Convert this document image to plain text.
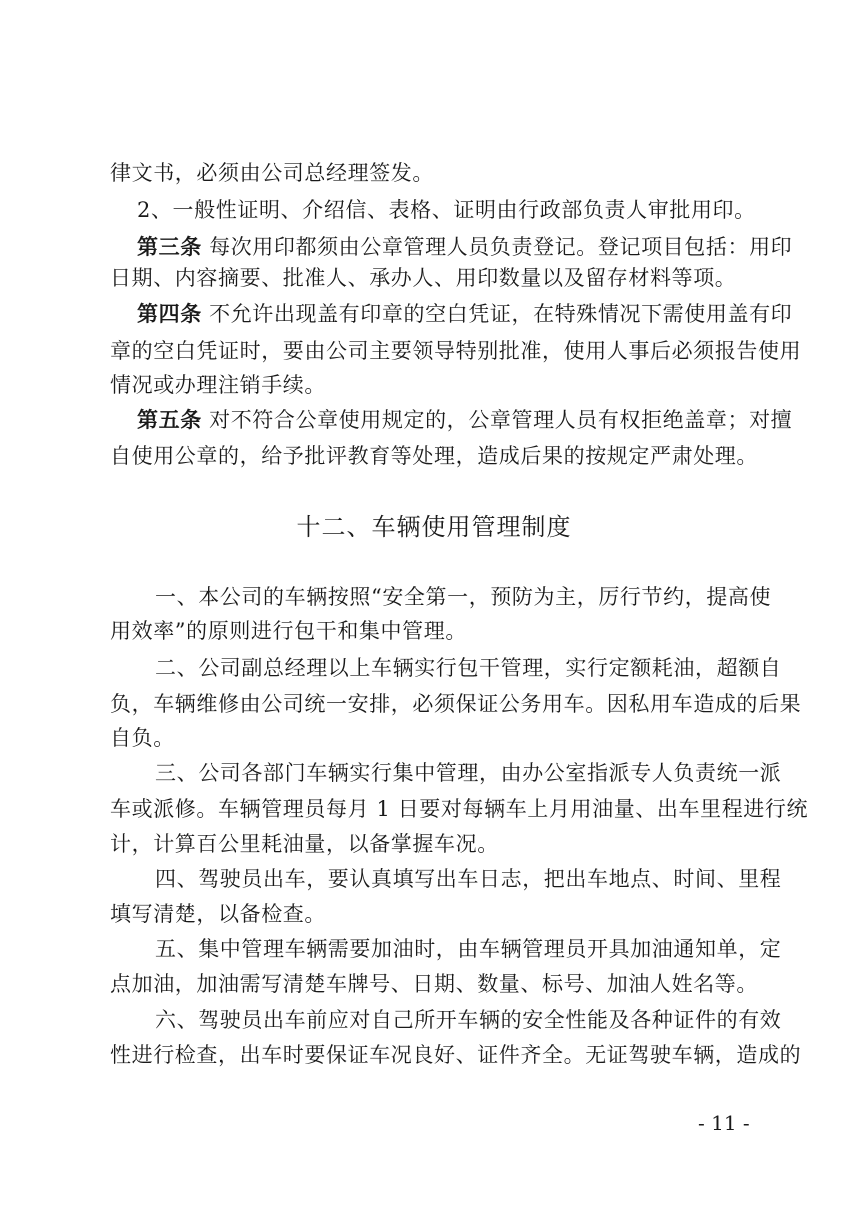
律文书，必须由公司总经理签发。
2、一般性证明、介绍信、表格、证明由行政部负责人审批用印。
第三条 每次用印都须由公章管理人员负责登记。登记项目包括：用印
日期、内容摘要、批准人、承办人、用印数量以及留存材料等项。
第四条 不允许出现盖有印章的空白凭证，在特殊情况下需使用盖有印
章的空白凭证时，要由公司主要领导特别批准，使用人事后必须报告使用
情况或办理注销手续。
第五条 对不符合公章使用规定的，公章管理人员有权拒绝盖章；对擅
自使用公章的，给予批评教育等处理，造成后果的按规定严肃处理。
十二、车辆使用管理制度
一、本公司的车辆按照“安全第一，预防为主，厉行节约，提高使
用效率”的原则进行包干和集中管理。
二、公司副总经理以上车辆实行包干管理，实行定额耗油，超额自
负，车辆维修由公司统一安排，必须保证公务用车。因私用车造成的后果
自负。
三、公司各部门车辆实行集中管理，由办公室指派专人负责统一派
车或派修。车辆管理员每月 1 日要对每辆车上月用油量、出车里程进行统
计，计算百公里耗油量，以备掌握车况。
四、驾驶员出车，要认真填写出车日志，把出车地点、时间、里程
填写清楚，以备检查。
五、集中管理车辆需要加油时，由车辆管理员开具加油通知单，定
点加油，加油需写清楚车牌号、日期、数量、标号、加油人姓名等。
六、驾驶员出车前应对自己所开车辆的安全性能及各种证件的有效
性进行检查，出车时要保证车况良好、证件齐全。无证驾驶车辆，造成的
- 11 -
